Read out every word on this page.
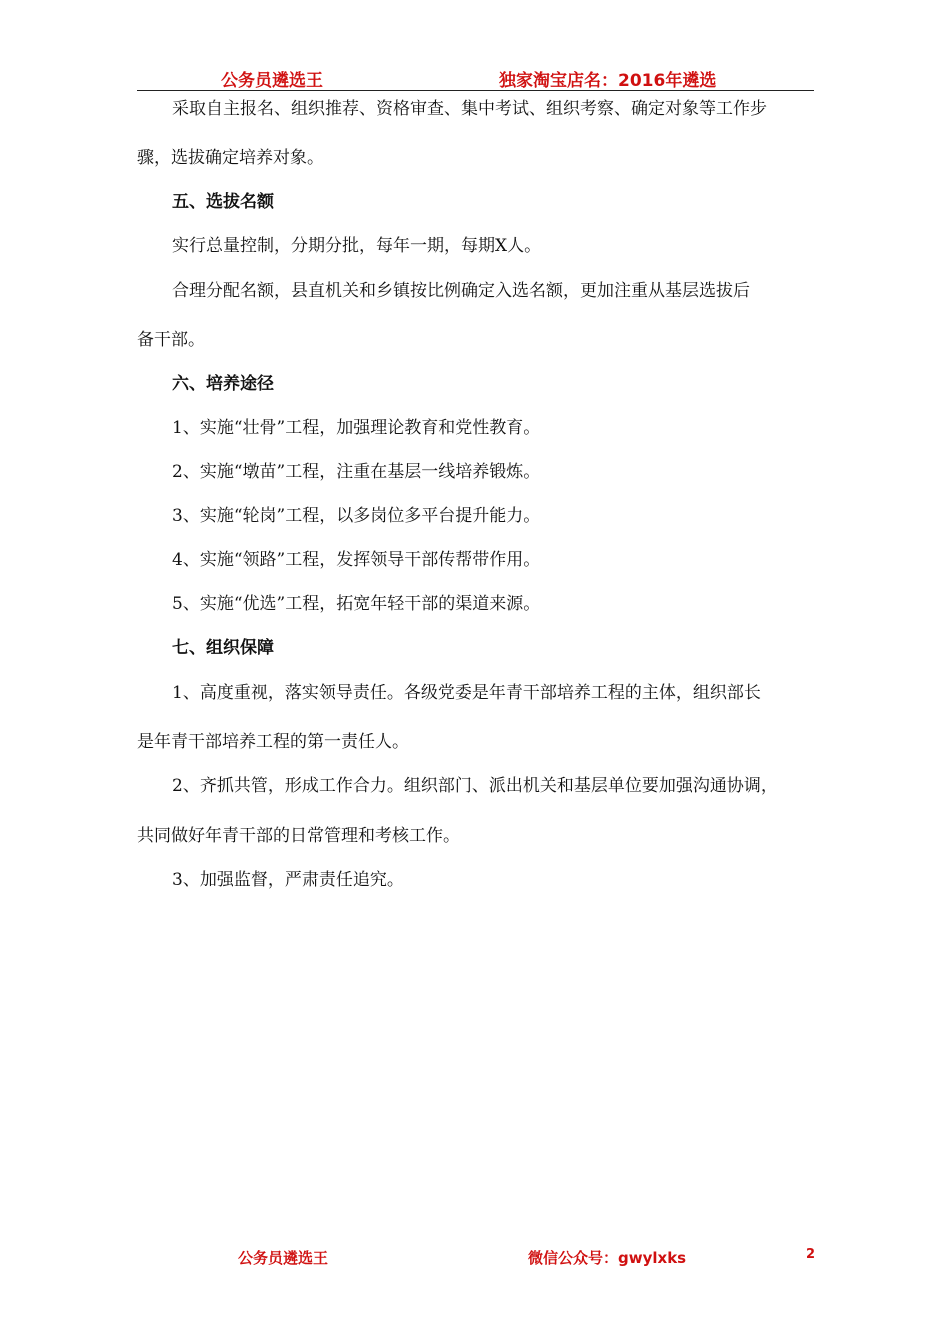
公务员遴选王	独家淘宝店名：2016年遴选
采取自主报名、组织推荐、资格审查、集中考试、组织考察、确定对象等工作步
骤，选拔确定培养对象。
五、选拔名额
实行总量控制，分期分批，每年一期，每期X人。
合理分配名额，县直机关和乡镇按比例确定入选名额，更加注重从基层选拔后
备干部。
六、培养途径
1、实施“壮骨”工程，加强理论教育和党性教育。
2、实施“墩苗”工程，注重在基层一线培养锻炼。
3、实施“轮岗”工程，以多岗位多平台提升能力。
4、实施“领路”工程，发挥领导干部传帮带作用。
5、实施“优选”工程，拓宽年轻干部的渠道来源。
七、组织保障
1、高度重视，落实领导责任。各级党委是年青干部培养工程的主体，组织部长
是年青干部培养工程的第一责任人。
2、齐抓共管，形成工作合力。组织部门、派出机关和基层单位要加强沟通协调，
共同做好年青干部的日常管理和考核工作。
3、加强监督，严肃责任追究。
公务员遴选王	微信公众号：gwylxks	2
